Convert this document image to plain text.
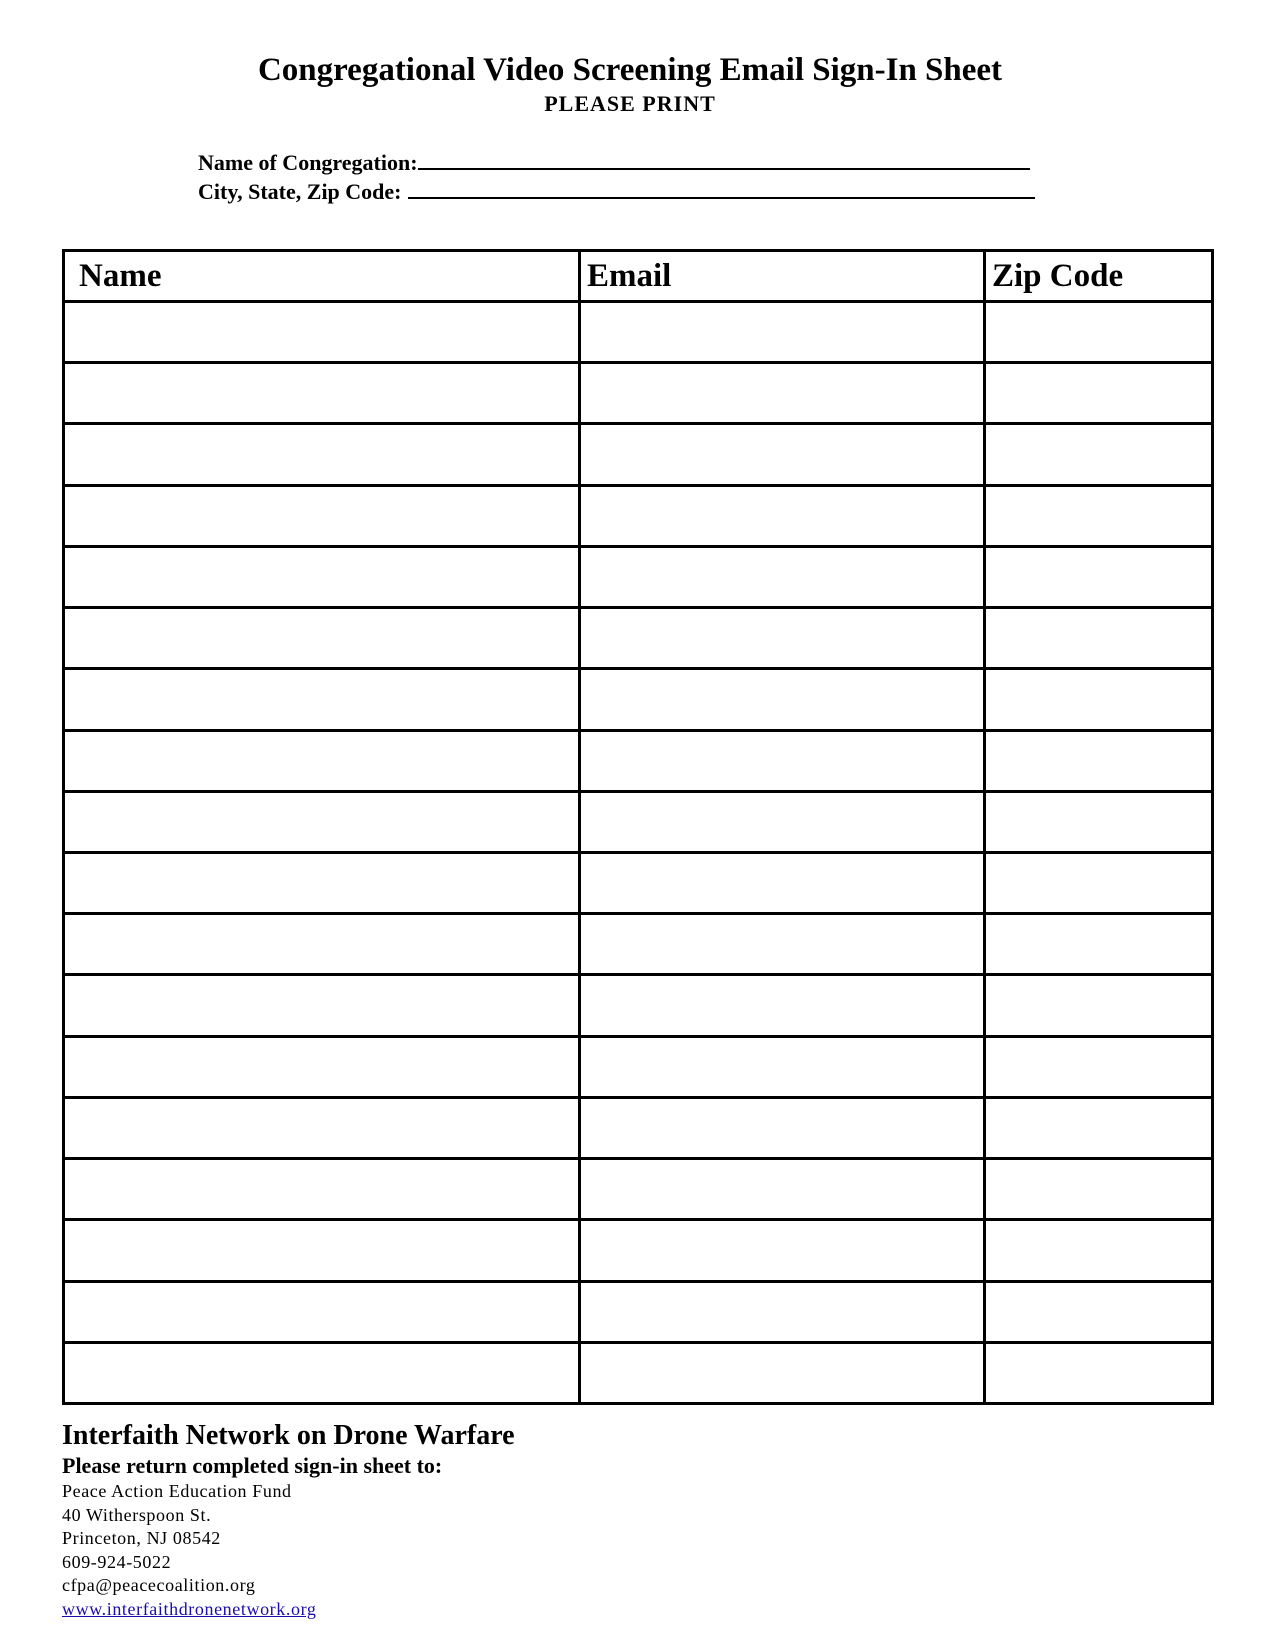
Congregational Video Screening Email Sign-In Sheet
PLEASE PRINT
Name of Congregation:
City, State, Zip Code:
Name	Email	Zip Code

Interfaith Network on Drone Warfare
Please return completed sign-in sheet to:
Peace Action Education Fund
40 Witherspoon St.
Princeton, NJ 08542
609-924-5022
cfpa@peacecoalition.org
www.interfaithdronenetwork.org
